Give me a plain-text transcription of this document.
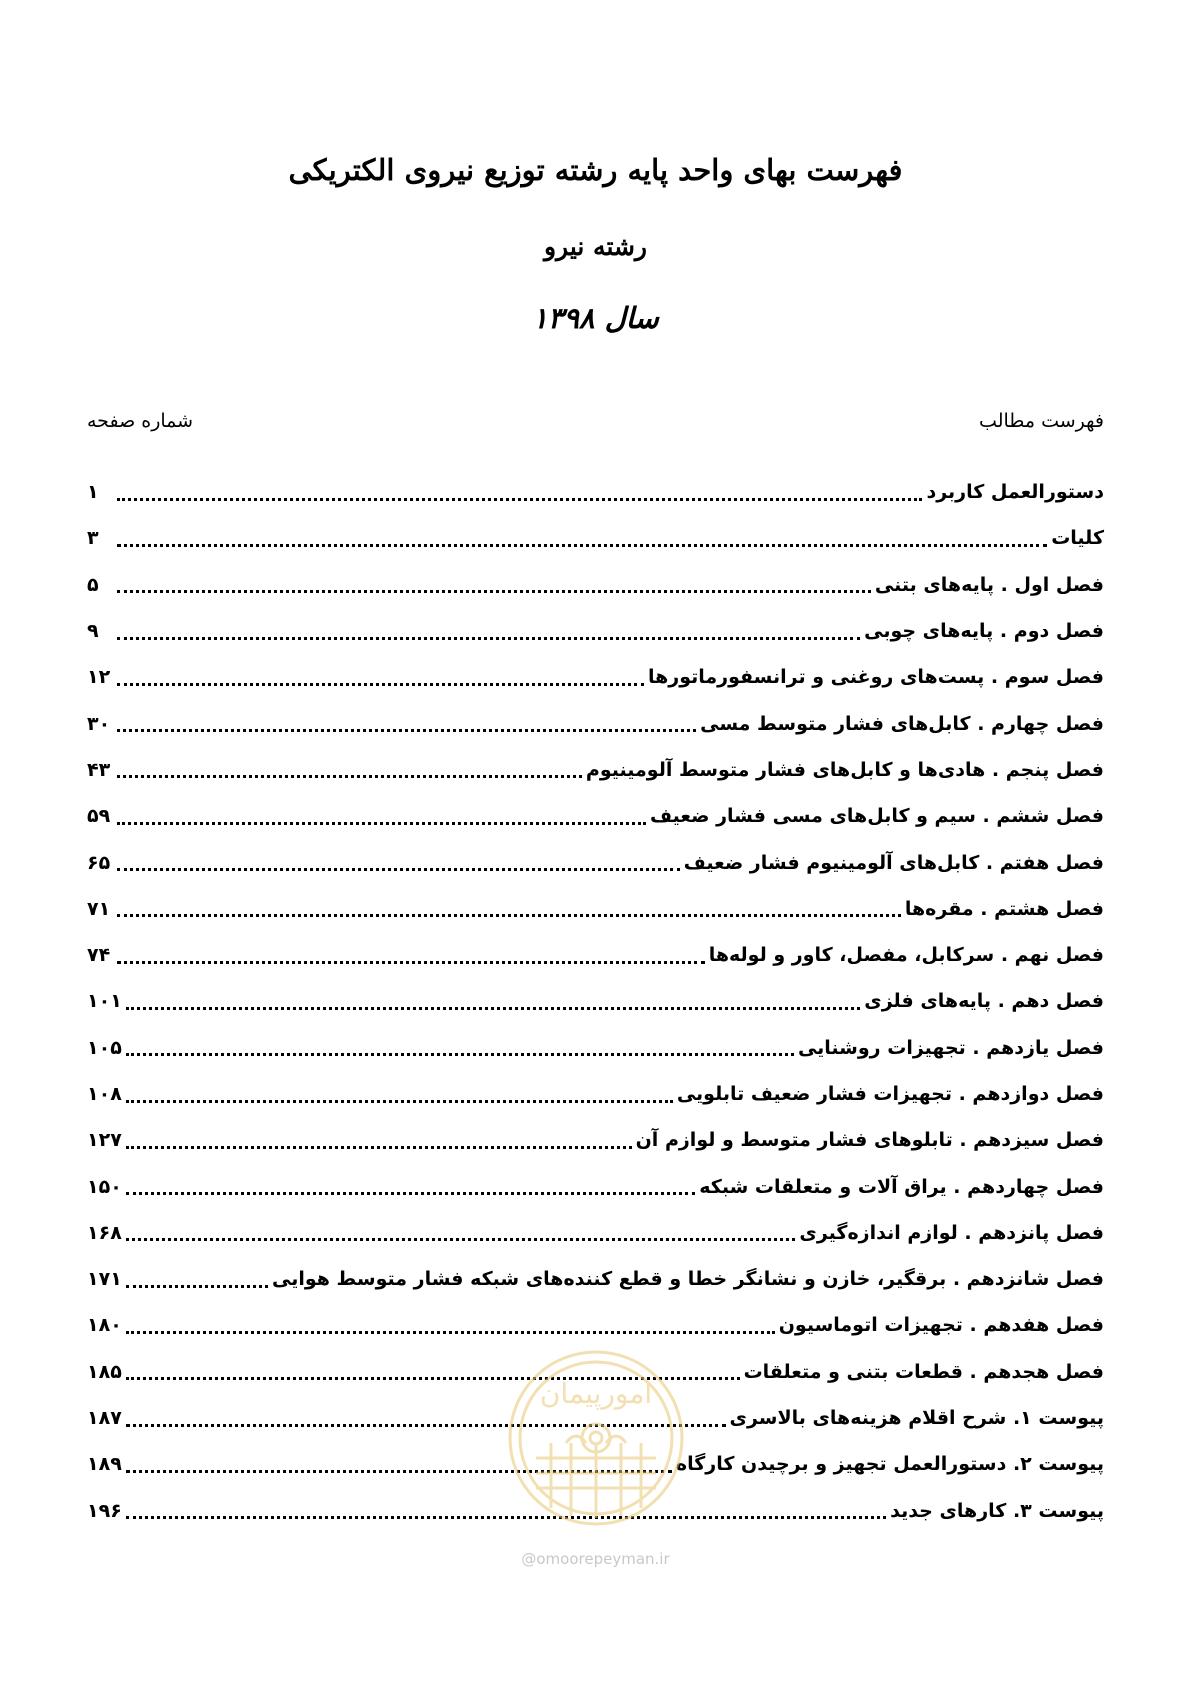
فهرست بهای واحد پایه رشته توزیع نیروی الکتریکی
رشته نیرو
سال ۱۳۹۸
فهرست مطالب
شماره صفحه
دستورالعمل کاربرد
۱
کلیات
۳
فصل اول . پایه‌های بتنی
۵
فصل دوم . پایه‌های چوبی
۹
فصل سوم . پست‌های روغنی و ترانسفورماتورها
۱۲
فصل چهارم . کابل‌های فشار متوسط مسی
۳۰
فصل پنجم . هادی‌ها و کابل‌های فشار متوسط آلومینیوم
۴۳
فصل ششم . سیم و کابل‌های مسی فشار ضعیف
۵۹
فصل هفتم . کابل‌های آلومینیوم فشار ضعیف
۶۵
فصل هشتم . مقره‌ها
۷۱
فصل نهم . سرکابل، مفصل، کاور و لوله‌ها
۷۴
فصل دهم . پایه‌های فلزی
۱۰۱
فصل یازدهم . تجهیزات روشنایی
۱۰۵
فصل دوازدهم . تجهیزات فشار ضعیف تابلویی
۱۰۸
فصل سیزدهم . تابلوهای فشار متوسط و لوازم آن
۱۲۷
فصل چهاردهم . یراق آلات و متعلقات شبکه
۱۵۰
فصل پانزدهم . لوازم اندازه‌گیری
۱۶۸
فصل شانزدهم . برقگیر، خازن و نشانگر خطا و قطع کننده‌های شبکه فشار متوسط هوایی
۱۷۱
فصل هفدهم . تجهیزات اتوماسیون
۱۸۰
فصل هجدهم . قطعات بتنی و متعلقات
۱۸۵
پیوست ۱. شرح اقلام هزینه‌های بالاسری
۱۸۷
پیوست ۲. دستورالعمل تجهیز و برچیدن کارگاه
۱۸۹
پیوست ۳. کارهای جدید
۱۹۶
امورپیمان
@omoorepeyman.ir
